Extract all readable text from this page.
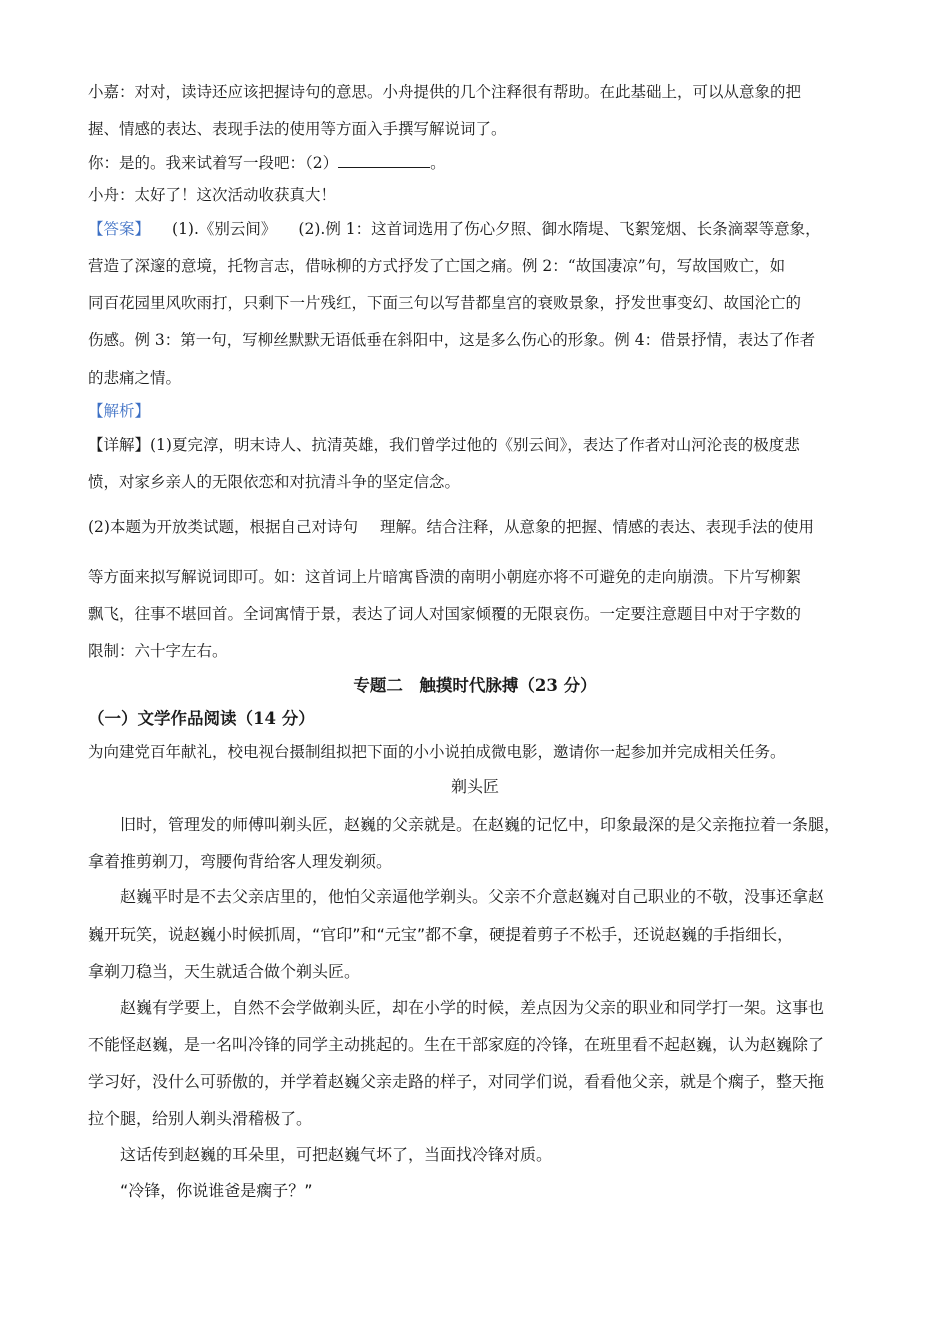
小嘉：对对，读诗还应该把握诗句的意思。小舟提供的几个注释很有帮助。在此基础上，可以从意象的把
握、情感的表达、表现手法的使用等方面入手撰写解说词了。
你：是的。我来试着写一段吧：（2）	。
小舟：太好了！这次活动收获真大！
【答案】 (1).《别云间》 (2).例 1：这首词选用了伤心夕照、御水隋堤、飞絮笼烟、长条滴翠等意象，
营造了深邃的意境，托物言志，借咏柳的方式抒发了亡国之痛。例 2：“故国凄凉”句，写故国败亡，如
同百花园里风吹雨打，只剩下一片残红，下面三句以写昔都皇宫的衰败景象，抒发世事变幻、故国沦亡的
伤感。例 3：第一句，写柳丝默默无语低垂在斜阳中，这是多么伤心的形象。例 4：借景抒情，表达了作者
的悲痛之情。
【解析】
【详解】(1)夏完淳，明末诗人、抗清英雄，我们曾学过他的《别云间》，表达了作者对山河沦丧的极度悲
愤，对家乡亲人的无限依恋和对抗清斗争的坚定信念。
(2)本题为开放类试题，根据自己对诗句 理解。结合注释，从意象的把握、情感的表达、表现手法的使用
等方面来拟写解说词即可。如：这首词上片暗寓昏溃的南明小朝庭亦将不可避免的走向崩溃。下片写柳絮
飘飞，往事不堪回首。全词寓情于景，表达了词人对国家倾覆的无限哀伤。一定要注意题目中对于字数的
限制：六十字左右。
专题二　触摸时代脉搏（23 分）
（一）文学作品阅读（14 分）
为向建党百年献礼，校电视台摄制组拟把下面的小小说拍成微电影，邀请你一起参加并完成相关任务。
剃头匠
旧时，管理发的师傅叫剃头匠，赵巍的父亲就是。在赵巍的记忆中，印象最深的是父亲拖拉着一条腿，
拿着推剪剃刀，弯腰佝背给客人理发剃须。
赵巍平时是不去父亲店里的，他怕父亲逼他学剃头。父亲不介意赵巍对自己职业的不敬，没事还拿赵
巍开玩笑，说赵巍小时候抓周，“官印”和“元宝”都不拿，硬提着剪子不松手，还说赵巍的手指细长，
拿剃刀稳当，天生就适合做个剃头匠。
赵巍有学要上，自然不会学做剃头匠，却在小学的时候，差点因为父亲的职业和同学打一架。这事也
不能怪赵巍，是一名叫冷锋的同学主动挑起的。生在干部家庭的冷锋，在班里看不起赵巍，认为赵巍除了
学习好，没什么可骄傲的，并学着赵巍父亲走路的样子，对同学们说，看看他父亲，就是个瘸子，整天拖
拉个腿，给别人剃头滑稽极了。
这话传到赵巍的耳朵里，可把赵巍气坏了，当面找冷锋对质。
“冷锋，你说谁爸是瘸子？”
